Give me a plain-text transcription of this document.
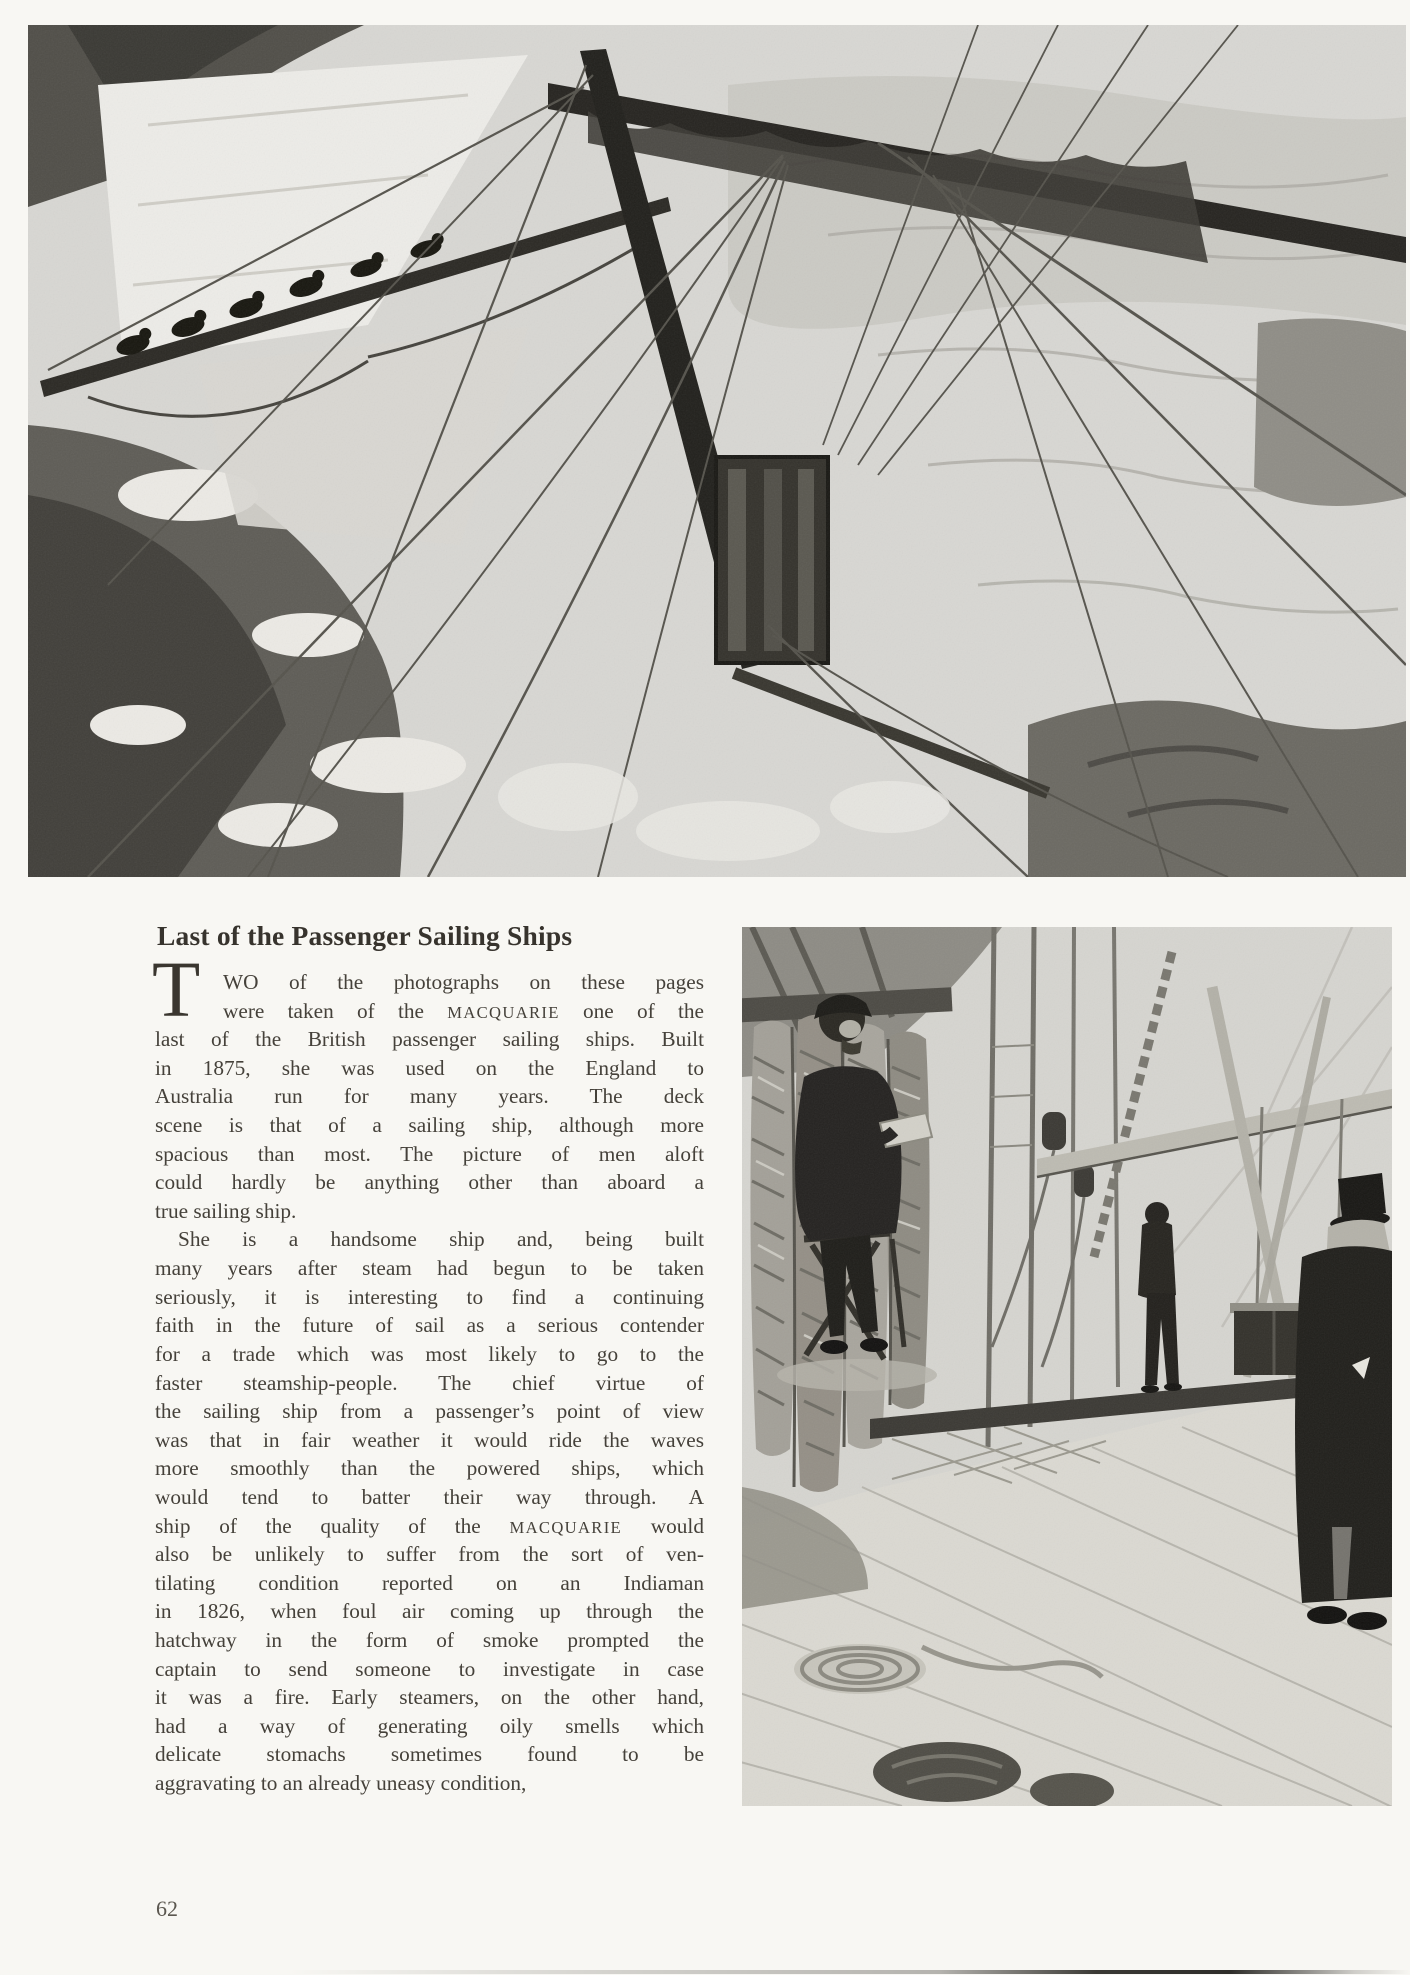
Last of the Passenger Sailing Ships
T	WO of the photographs on these pages
were taken of the MACQUARIE one of the
last of the British passenger sailing ships. Built
in 1875, she was used on the England to
Australia run for many years. The deck
scene is that of a sailing ship, although more
spacious than most. The picture of men aloft
could hardly be anything other than aboard a
true sailing ship.
She is a handsome ship and, being built
many years after steam had begun to be taken
seriously, it is interesting to find a continuing
faith in the future of sail as a serious contender
for a trade which was most likely to go to the
faster steamship-people. The chief virtue of
the sailing ship from a passenger’s point of view
was that in fair weather it would ride the waves
more smoothly than the powered ships, which
would tend to batter their way through. A
ship of the quality of the MACQUARIE would
also be unlikely to suffer from the sort of ven-
tilating condition reported on an Indiaman
in 1826, when foul air coming up through the
hatchway in the form of smoke prompted the
captain to send someone to investigate in case
it was a fire. Early steamers, on the other hand,
had a way of generating oily smells which
delicate stomachs sometimes found to be
aggravating to an already uneasy condition,
62
